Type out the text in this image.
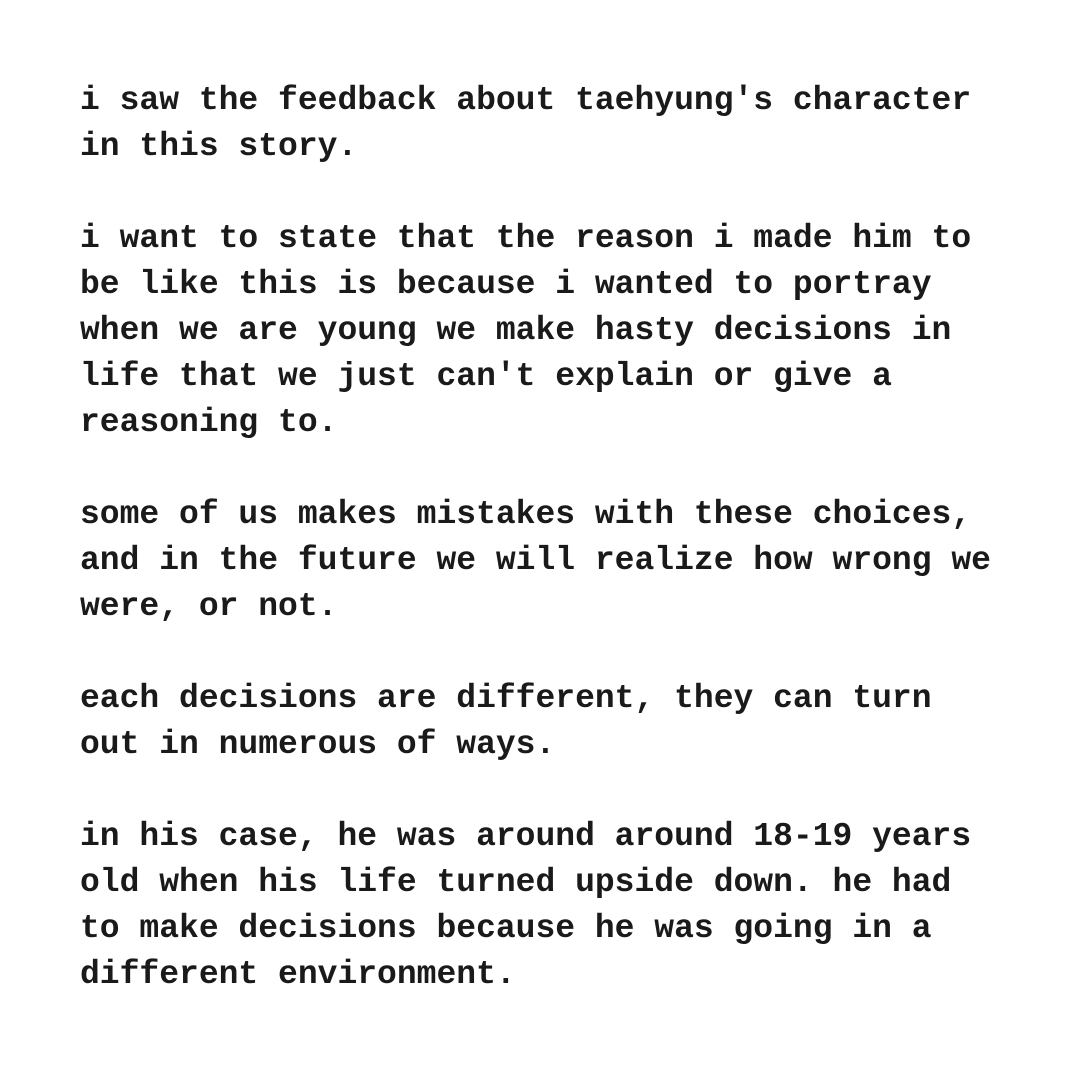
i saw the feedback about taehyung's character
in this story.

i want to state that the reason i made him to
be like this is because i wanted to portray
when we are young we make hasty decisions in
life that we just can't explain or give a
reasoning to.

some of us makes mistakes with these choices,
and in the future we will realize how wrong we
were, or not.

each decisions are different, they can turn
out in numerous of ways.

in his case, he was around around 18-19 years
old when his life turned upside down. he had
to make decisions because he was going in a
different environment.
